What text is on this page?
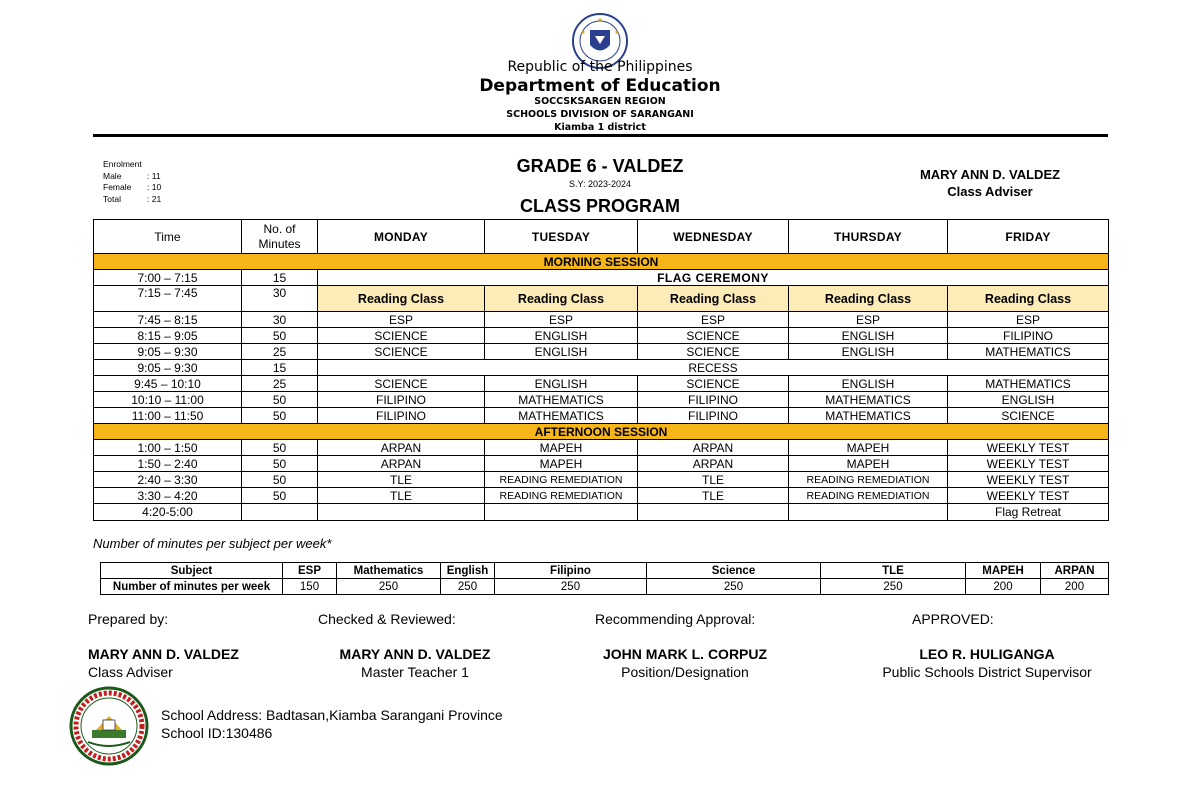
Republic of the Philippines
Department of Education
SOCCSKSARGEN REGION
SCHOOLS DIVISION OF SARANGANI
Kiamba 1 district
Enrolment
Male	: 11
Female : 10
Total	: 21
GRADE 6 - VALDEZ
S.Y: 2023-2024
CLASS PROGRAM
MARY ANN D. VALDEZ
Class Adviser
Time	No. of Minutes	MONDAY	TUESDAY	WEDNESDAY	THURSDAY	FRIDAY
MORNING SESSION						
7:00 – 7:15	15	FLAG CEREMONY				
7:15 – 7:45	30	Reading Class	Reading Class	Reading Class	Reading Class	Reading Class
7:45 – 8:15	30	ESP	ESP	ESP	ESP	ESP
8:15 – 9:05	50	SCIENCE	ENGLISH	SCIENCE	ENGLISH	FILIPINO
9:05 – 9:30	25	SCIENCE	ENGLISH	SCIENCE	ENGLISH	MATHEMATICS
9:05 – 9:30	15	RECESS				
9:45 – 10:10	25	SCIENCE	ENGLISH	SCIENCE	ENGLISH	MATHEMATICS
10:10 – 11:00	50	FILIPINO	MATHEMATICS	FILIPINO	MATHEMATICS	ENGLISH
11:00 – 11:50	50	FILIPINO	MATHEMATICS	FILIPINO	MATHEMATICS	SCIENCE
AFTERNOON SESSION						
1:00 – 1:50	50	ARPAN	MAPEH	ARPAN	MAPEH	WEEKLY TEST
1:50 – 2:40	50	ARPAN	MAPEH	ARPAN	MAPEH	WEEKLY TEST
2:40 – 3:30	50	TLE	READING REMEDIATION	TLE	READING REMEDIATION	WEEKLY TEST
3:30 – 4:20	50	TLE	READING REMEDIATION	TLE	READING REMEDIATION	WEEKLY TEST
4:20-5:00						Flag Retreat
Number of minutes per subject per week*
Subject	ESP	Mathematics	English	Filipino	Science	TLE	MAPEH	ARPAN
Number of minutes per week	150	250	250	250	250	250	200	200
Prepared by:	Checked & Reviewed:	Recommending Approval:	APPROVED:
MARY ANN D. VALDEZ
Class Adviser
MARY ANN D. VALDEZ
Master Teacher 1
JOHN MARK L. CORPUZ
Position/Designation
LEO R. HULIGANGA
Public Schools District Supervisor
School Address: Badtasan,Kiamba Sarangani Province
School ID:130486
